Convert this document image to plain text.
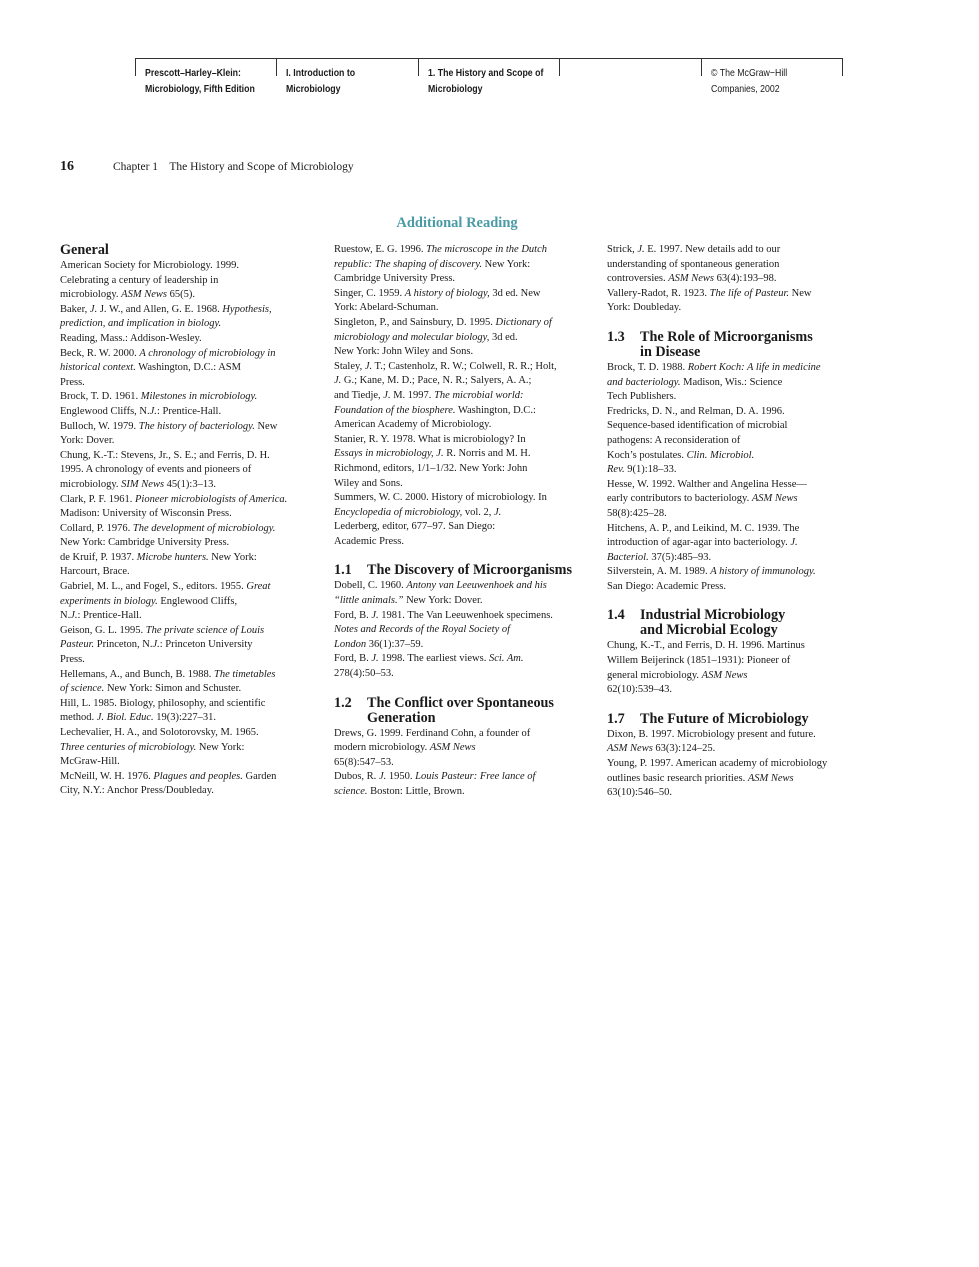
Prescott–Harley–Klein:
Microbiology, Fifth Edition
I. Introduction to
Microbiology
1. The History and Scope of
Microbiology
© The McGraw−Hill
Companies, 2002
16	Chapter 1    The History and Scope of Microbiology
Additional Reading
General
American Society for Microbiology. 1999.
Celebrating a century of leadership in
microbiology. ASM News 65(5).
Baker, J. J. W., and Allen, G. E. 1968. Hypothesis,
prediction, and implication in biology.
Reading, Mass.: Addison-Wesley.
Beck, R. W. 2000. A chronology of microbiology in
historical context. Washington, D.C.: ASM
Press.
Brock, T. D. 1961. Milestones in microbiology.
Englewood Cliffs, N.J.: Prentice-Hall.
Bulloch, W. 1979. The history of bacteriology. New
York: Dover.
Chung, K.-T.: Stevens, Jr., S. E.; and Ferris, D. H.
1995. A chronology of events and pioneers of
microbiology. SIM News 45(1):3–13.
Clark, P. F. 1961. Pioneer microbiologists of America.
Madison: University of Wisconsin Press.
Collard, P. 1976. The development of microbiology.
New York: Cambridge University Press.
de Kruif, P. 1937. Microbe hunters. New York:
Harcourt, Brace.
Gabriel, M. L., and Fogel, S., editors. 1955. Great
experiments in biology. Englewood Cliffs,
N.J.: Prentice-Hall.
Geison, G. L. 1995. The private science of Louis
Pasteur. Princeton, N.J.: Princeton University
Press.
Hellemans, A., and Bunch, B. 1988. The timetables
of science. New York: Simon and Schuster.
Hill, L. 1985. Biology, philosophy, and scientific
method. J. Biol. Educ. 19(3):227–31.
Lechevalier, H. A., and Solotorovsky, M. 1965.
Three centuries of microbiology. New York:
McGraw-Hill.
McNeill, W. H. 1976. Plagues and peoples. Garden
City, N.Y.: Anchor Press/Doubleday.
Ruestow, E. G. 1996. The microscope in the Dutch
republic: The shaping of discovery. New York:
Cambridge University Press.
Singer, C. 1959. A history of biology, 3d ed. New
York: Abelard-Schuman.
Singleton, P., and Sainsbury, D. 1995. Dictionary of
microbiology and molecular biology, 3d ed.
New York: John Wiley and Sons.
Staley, J. T.; Castenholz, R. W.; Colwell, R. R.; Holt,
J. G.; Kane, M. D.; Pace, N. R.; Salyers, A. A.;
and Tiedje, J. M. 1997. The microbial world:
Foundation of the biosphere. Washington, D.C.:
American Academy of Microbiology.
Stanier, R. Y. 1978. What is microbiology? In
Essays in microbiology, J. R. Norris and M. H.
Richmond, editors, 1/1–1/32. New York: John
Wiley and Sons.
Summers, W. C. 2000. History of microbiology. In
Encyclopedia of microbiology, vol. 2, J.
Lederberg, editor, 677–97. San Diego:
Academic Press.
1.1 The Discovery of Microorganisms
Dobell, C. 1960. Antony van Leeuwenhoek and his
“little animals.” New York: Dover.
Ford, B. J. 1981. The Van Leeuwenhoek specimens.
Notes and Records of the Royal Society of
London 36(1):37–59.
Ford, B. J. 1998. The earliest views. Sci. Am.
278(4):50–53.
1.2 The Conflict over Spontaneous
Generation
Drews, G. 1999. Ferdinand Cohn, a founder of
modern microbiology. ASM News
65(8):547–53.
Dubos, R. J. 1950. Louis Pasteur: Free lance of
science. Boston: Little, Brown.
Strick, J. E. 1997. New details add to our
understanding of spontaneous generation
controversies. ASM News 63(4):193–98.
Vallery-Radot, R. 1923. The life of Pasteur. New
York: Doubleday.
1.3 The Role of Microorganisms
in Disease
Brock, T. D. 1988. Robert Koch: A life in medicine
and bacteriology. Madison, Wis.: Science
Tech Publishers.
Fredricks, D. N., and Relman, D. A. 1996.
Sequence-based identification of microbial
pathogens: A reconsideration of
Koch’s postulates. Clin. Microbiol.
Rev. 9(1):18–33.
Hesse, W. 1992. Walther and Angelina Hesse—
early contributors to bacteriology. ASM News
58(8):425–28.
Hitchens, A. P., and Leikind, M. C. 1939. The
introduction of agar-agar into bacteriology. J.
Bacteriol. 37(5):485–93.
Silverstein, A. M. 1989. A history of immunology.
San Diego: Academic Press.
1.4 Industrial Microbiology
and Microbial Ecology
Chung, K.-T., and Ferris, D. H. 1996. Martinus
Willem Beijerinck (1851–1931): Pioneer of
general microbiology. ASM News
62(10):539–43.
1.7 The Future of Microbiology
Dixon, B. 1997. Microbiology present and future.
ASM News 63(3):124–25.
Young, P. 1997. American academy of microbiology
outlines basic research priorities. ASM News
63(10):546–50.
